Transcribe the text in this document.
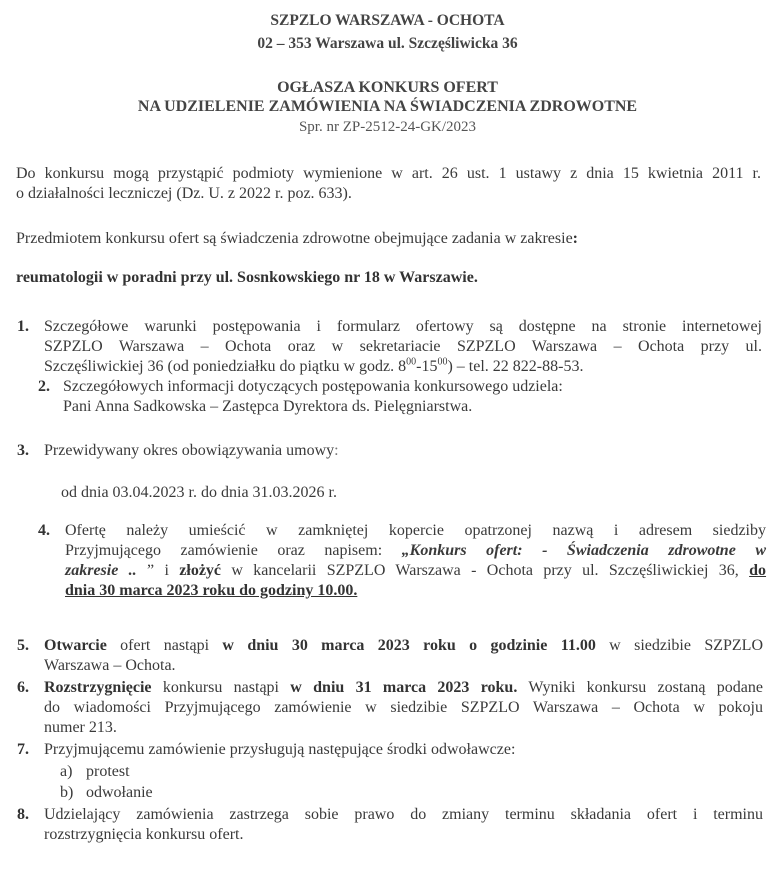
SZPZLO WARSZAWA - OCHOTA
02 – 353 Warszawa ul. Szczęśliwicka 36
OGŁASZA KONKURS OFERT
NA UDZIELENIE ZAMÓWIENIA NA ŚWIADCZENIA ZDROWOTNE
Spr. nr ZP-2512-24-GK/2023
Do konkursu mogą przystąpić podmioty wymienione w art. 26 ust. 1 ustawy z dnia 15 kwietnia 2011 r.
o działalności leczniczej (Dz. U. z 2022 r. poz. 633).
Przedmiotem konkursu ofert są świadczenia zdrowotne obejmujące zadania w zakresie:
reumatologii w poradni przy ul. Sosnkowskiego nr 18 w Warszawie.
1. Szczegółowe warunki postępowania i formularz ofertowy są dostępne na stronie internetowej
SZPZLO Warszawa – Ochota oraz w sekretariacie SZPZLO Warszawa – Ochota przy ul.
Szczęśliwickiej 36 (od poniedziałku do piątku w godz. $8^{00}-15^{00}$) – tel. 22 822-88-53.
2. Szczegółowych informacji dotyczących postępowania konkursowego udziela:
Pani Anna Sadkowska – Zastępca Dyrektora ds. Pielęgniarstwa.
3. Przewidywany okres obowiązywania umowy:
od dnia 03.04.2023 r. do dnia 31.03.2026 r.
4. Ofertę należy umieścić w zamkniętej kopercie opatrzonej nazwą i adresem siedziby
Przyjmującego zamówienie oraz napisem: „Konkurs ofert: - Świadczenia zdrowotne w
zakresie .. ” i złożyć w kancelarii SZPZLO Warszawa - Ochota przy ul. Szczęśliwickiej 36, do
dnia 30 marca 2023 roku do godziny 10.00.
5. Otwarcie ofert nastąpi w dniu 30 marca 2023 roku o godzinie 11.00 w siedzibie SZPZLO
Warszawa – Ochota.
6. Rozstrzygnięcie konkursu nastąpi w dniu 31 marca 2023 roku. Wyniki konkursu zostaną podane
do wiadomości Przyjmującego zamówienie w siedzibie SZPZLO Warszawa – Ochota w pokoju
numer 213.
7. Przyjmującemu zamówienie przysługują następujące środki odwoławcze:
a) protest
b) odwołanie
8. Udzielający zamówienia zastrzega sobie prawo do zmiany terminu składania ofert i terminu
rozstrzygnięcia konkursu ofert.
